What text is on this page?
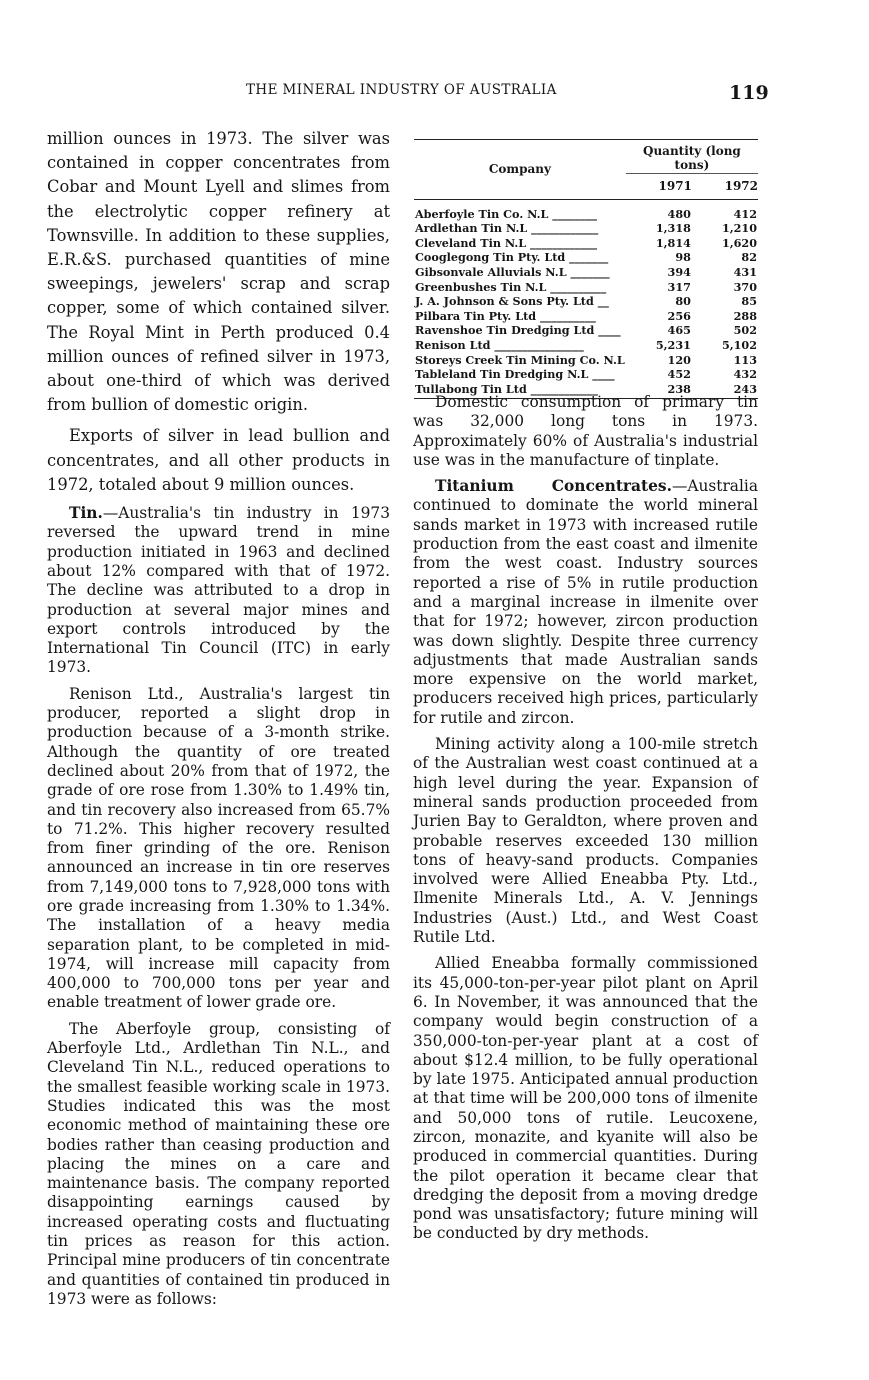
THE MINERAL INDUSTRY OF AUSTRALIA	119

million ounces in 1973. The silver was contained in copper concentrates from Cobar and Mount Lyell and slimes from the electrolytic copper refinery at Townsville. In addition to these supplies, E.R.&S. purchased quantities of mine sweepings, jewelers' scrap and scrap copper, some of which contained silver. The Royal Mint in Perth produced 0.4 million ounces of refined silver in 1973, about one-third of which was derived from bullion of domestic origin.

Exports of silver in lead bullion and concentrates, and all other products in 1972, totaled about 9 million ounces.

Tin.—Australia's tin industry in 1973 reversed the upward trend in mine production initiated in 1963 and declined about 12% compared with that of 1972. The decline was attributed to a drop in production at several major mines and export controls introduced by the International Tin Council (ITC) in early 1973.

Renison Ltd., Australia's largest tin producer, reported a slight drop in production because of a 3-month strike. Although the quantity of ore treated declined about 20% from that of 1972, the grade of ore rose from 1.30% to 1.49% tin, and tin recovery also increased from 65.7% to 71.2%. This higher recovery resulted from finer grinding of the ore. Renison announced an increase in tin ore reserves from 7,149,000 tons to 7,928,000 tons with ore grade increasing from 1.30% to 1.34%. The installation of a heavy media separation plant, to be completed in mid-1974, will increase mill capacity from 400,000 to 700,000 tons per year and enable treatment of lower grade ore.

The Aberfoyle group, consisting of Aberfoyle Ltd., Ardlethan Tin N.L., and Cleveland Tin N.L., reduced operations to the smallest feasible working scale in 1973. Studies indicated this was the most economic method of maintaining these ore bodies rather than ceasing production and placing the mines on a care and maintenance basis. The company reported disappointing earnings caused by increased operating costs and fluctuating tin prices as reason for this action. Principal mine producers of tin concentrate and quantities of contained tin produced in 1973 were as follows:

Company	Quantity (long tons)	
	1971	1972
Aberfoyle Tin Co. N.L ________	480	412
Ardlethan Tin N.L ____________	1,318	1,210
Cleveland Tin N.L ____________	1,814	1,620
Cooglegong Tin Pty. Ltd _______	98	82
Gibsonvale Alluvials N.L _______	394	431
Greenbushes Tin N.L __________	317	370
J. A. Johnson & Sons Pty. Ltd __	80	85
Pilbara Tin Pty. Ltd __________	256	288
Ravenshoe Tin Dredging Ltd ____	465	502
Renison Ltd ________________	5,231	5,102
Storeys Creek Tin Mining Co. N.L	120	113
Tableland Tin Dredging N.L ____	452	432
Tullabong Tin Ltd ____________	238	243

Domestic consumption of primary tin was 32,000 long tons in 1973. Approximately 60% of Australia's industrial use was in the manufacture of tinplate.

Titanium Concentrates.—Australia continued to dominate the world mineral sands market in 1973 with increased rutile production from the east coast and ilmenite from the west coast. Industry sources reported a rise of 5% in rutile production and a marginal increase in ilmenite over that for 1972; however, zircon production was down slightly. Despite three currency adjustments that made Australian sands more expensive on the world market, producers received high prices, particularly for rutile and zircon.

Mining activity along a 100-mile stretch of the Australian west coast continued at a high level during the year. Expansion of mineral sands production proceeded from Jurien Bay to Geraldton, where proven and probable reserves exceeded 130 million tons of heavy-sand products. Companies involved were Allied Eneabba Pty. Ltd., Ilmenite Minerals Ltd., A. V. Jennings Industries (Aust.) Ltd., and West Coast Rutile Ltd.

Allied Eneabba formally commissioned its 45,000-ton-per-year pilot plant on April 6. In November, it was announced that the company would begin construction of a 350,000-ton-per-year plant at a cost of about $12.4 million, to be fully operational by late 1975. Anticipated annual production at that time will be 200,000 tons of ilmenite and 50,000 tons of rutile. Leucoxene, zircon, monazite, and kyanite will also be produced in commercial quantities. During the pilot operation it became clear that dredging the deposit from a moving dredge pond was unsatisfactory; future mining will be conducted by dry methods.
